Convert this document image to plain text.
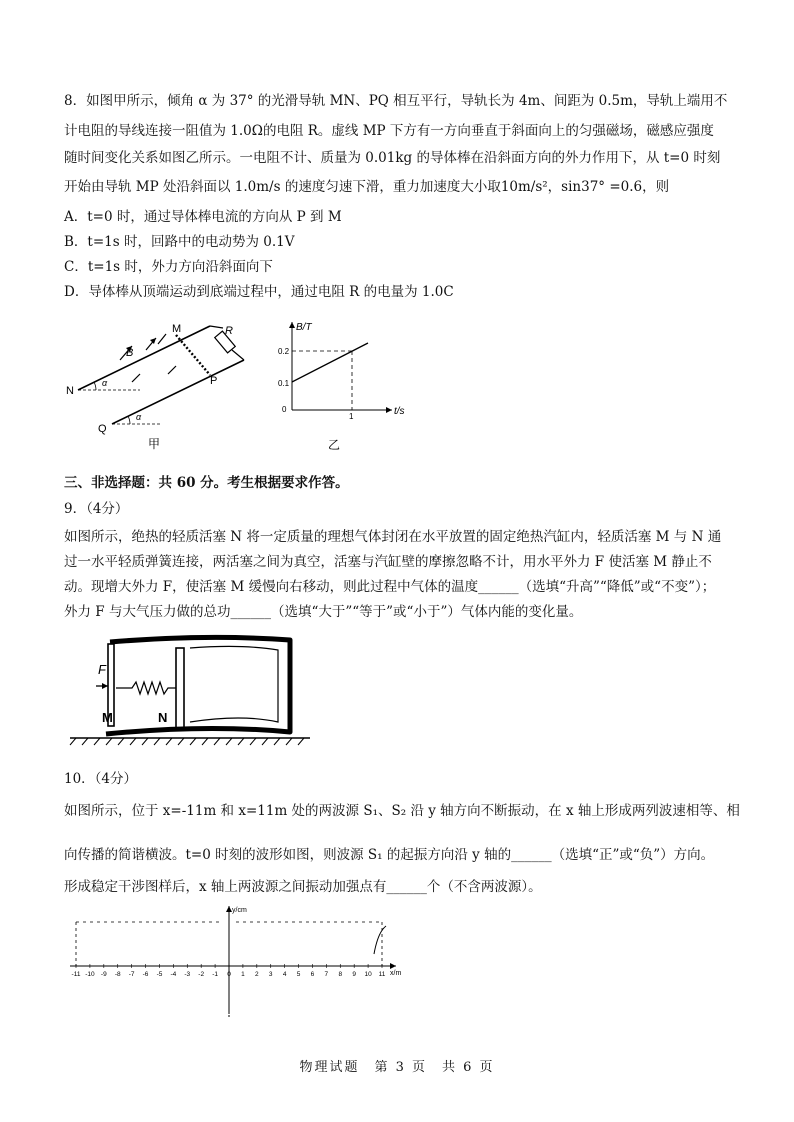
8．如图甲所示，倾角 α 为 37° 的光滑导轨 MN、PQ 相互平行，导轨长为 4m、间距为 0.5m，导轨上端用不
计电阻的导线连接一阻值为 1.0Ω的电阻 R。虚线 MP 下方有一方向垂直于斜面向上的匀强磁场，磁感应强度
随时间变化关系如图乙所示。一电阻不计、质量为 0.01kg 的导体棒在沿斜面方向的外力作用下，从 t=0 时刻
开始由导轨 MP 处沿斜面以 1.0m/s 的速度匀速下滑，重力加速度大小取10m/s²，sin37° =0.6，则
A．t=0 时，通过导体棒电流的方向从 P 到 M
B．t=1s 时，回路中的电动势为 0.1V
C．t=1s 时，外力方向沿斜面向下
D．导体棒从顶端运动到底端过程中，通过电阻 R 的电量为 1.0C
M	R
B
N
P
Q
α
α
甲
B/T
t/s
0
0.1
0.2
1
乙
三、非选择题：共 60 分。考生根据要求作答。
9．（4分）
如图所示，绝热的轻质活塞 N 将一定质量的理想气体封闭在水平放置的固定绝热汽缸内，轻质活塞 M 与 N 通
过一水平轻质弹簧连接，两活塞之间为真空，活塞与汽缸壁的摩擦忽略不计，用水平外力 F 使活塞 M 静止不
动。现增大外力 F，使活塞 M 缓慢向右移动，则此过程中气体的温度______（选填“升高”“降低”或“不变”）；
外力 F 与大气压力做的总功______（选填“大于”“等于”或“小于”）气体内能的变化量。
F
M	N
10．（4分）
如图所示，位于 x=-11m 和 x=11m 处的两波源 S₁、S₂ 沿 y 轴方向不断振动，在 x 轴上形成两列波速相等、相
向传播的简谐横波。t=0 时刻的波形如图，则波源 S₁ 的起振方向沿 y 轴的______（选填“正”或“负”）方向。
形成稳定干涉图样后，x 轴上两波源之间振动加强点有______个（不含两波源）。
y/cm
x/m
-11 -10 -9 -8 -7 -6 -5 -4 -3 -2 -1 0 1 2 3 4 5 6 7 8 9 10 11
物理试题　第 3 页　共 6 页
